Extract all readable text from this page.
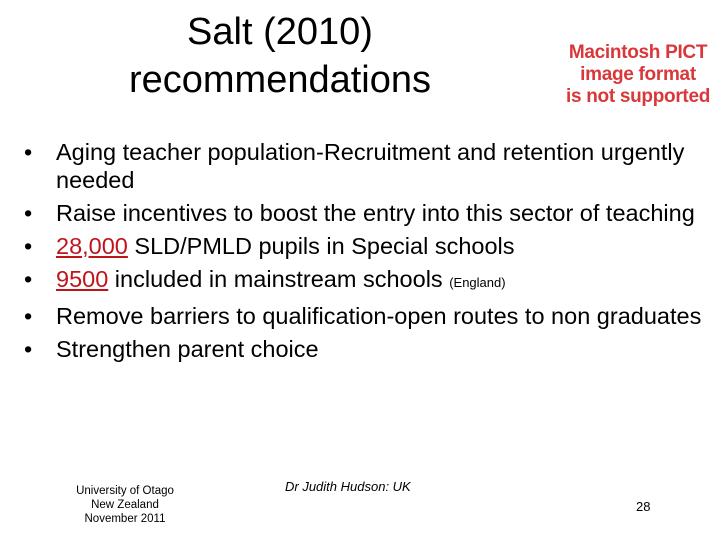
Salt (2010)
recommendations
Macintosh PICT
image format
is not supported
•	Aging teacher population-Recruitment and retention urgently needed
•	Raise incentives to boost the entry into this sector of teaching
•	28,000 SLD/PMLD pupils in Special schools
•	9500 included in mainstream schools (England)
•	Remove barriers to qualification-open routes to non graduates
•	Strengthen parent choice
University of Otago
New Zealand
November 2011
Dr Judith Hudson: UK
28
